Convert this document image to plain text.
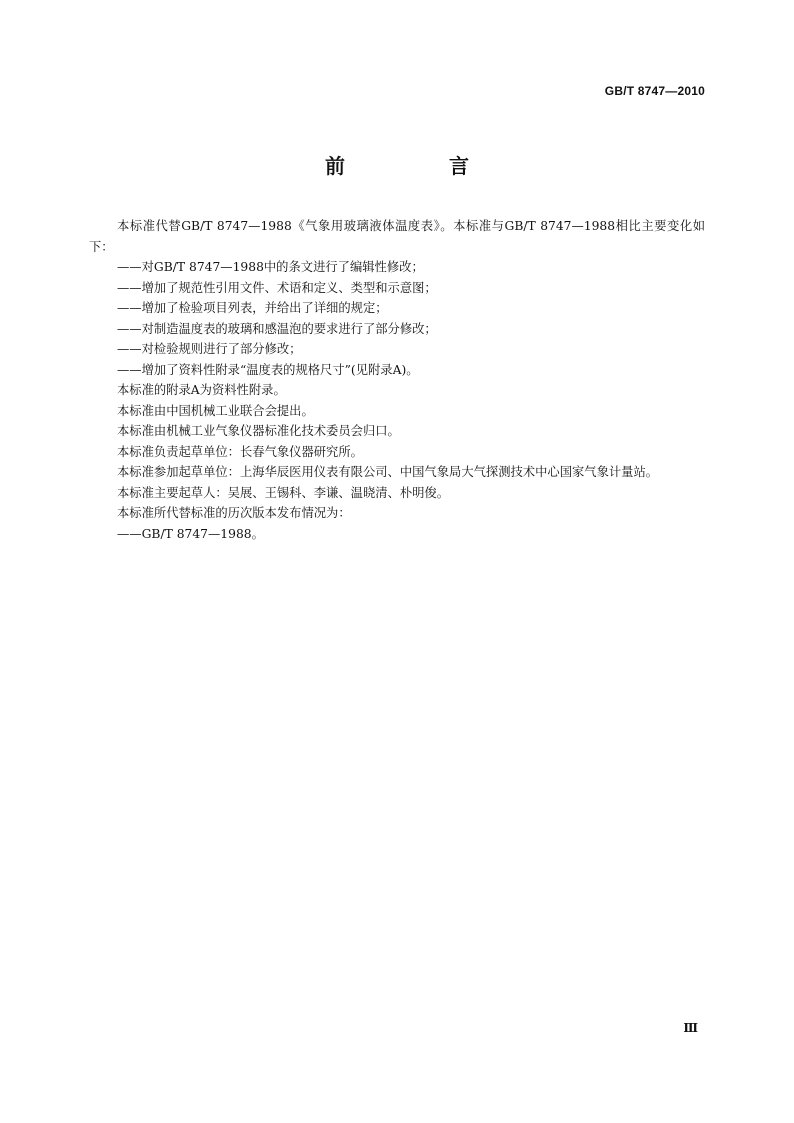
GB/T 8747—2010
前　言

本标准代替GB/T 8747—1988《气象用玻璃液体温度表》。本标准与GB/T 8747—1988相比主要变化如下：

——对GB/T 8747—1988中的条文进行了编辑性修改；

——增加了规范性引用文件、术语和定义、类型和示意图；

——增加了检验项目列表，并给出了详细的规定；

——对制造温度表的玻璃和感温泡的要求进行了部分修改；

——对检验规则进行了部分修改；

——增加了资料性附录“温度表的规格尺寸”(见附录A)。

本标准的附录A为资料性附录。

本标准由中国机械工业联合会提出。

本标准由机械工业气象仪器标准化技术委员会归口。

本标准负责起草单位：长春气象仪器研究所。

本标准参加起草单位：上海华辰医用仪表有限公司、中国气象局大气探测技术中心国家气象计量站。

本标准主要起草人：吴展、王锡科、李谦、温晓清、朴明俊。

本标准所代替标准的历次版本发布情况为：

——GB/T 8747—1988。

Ⅲ
